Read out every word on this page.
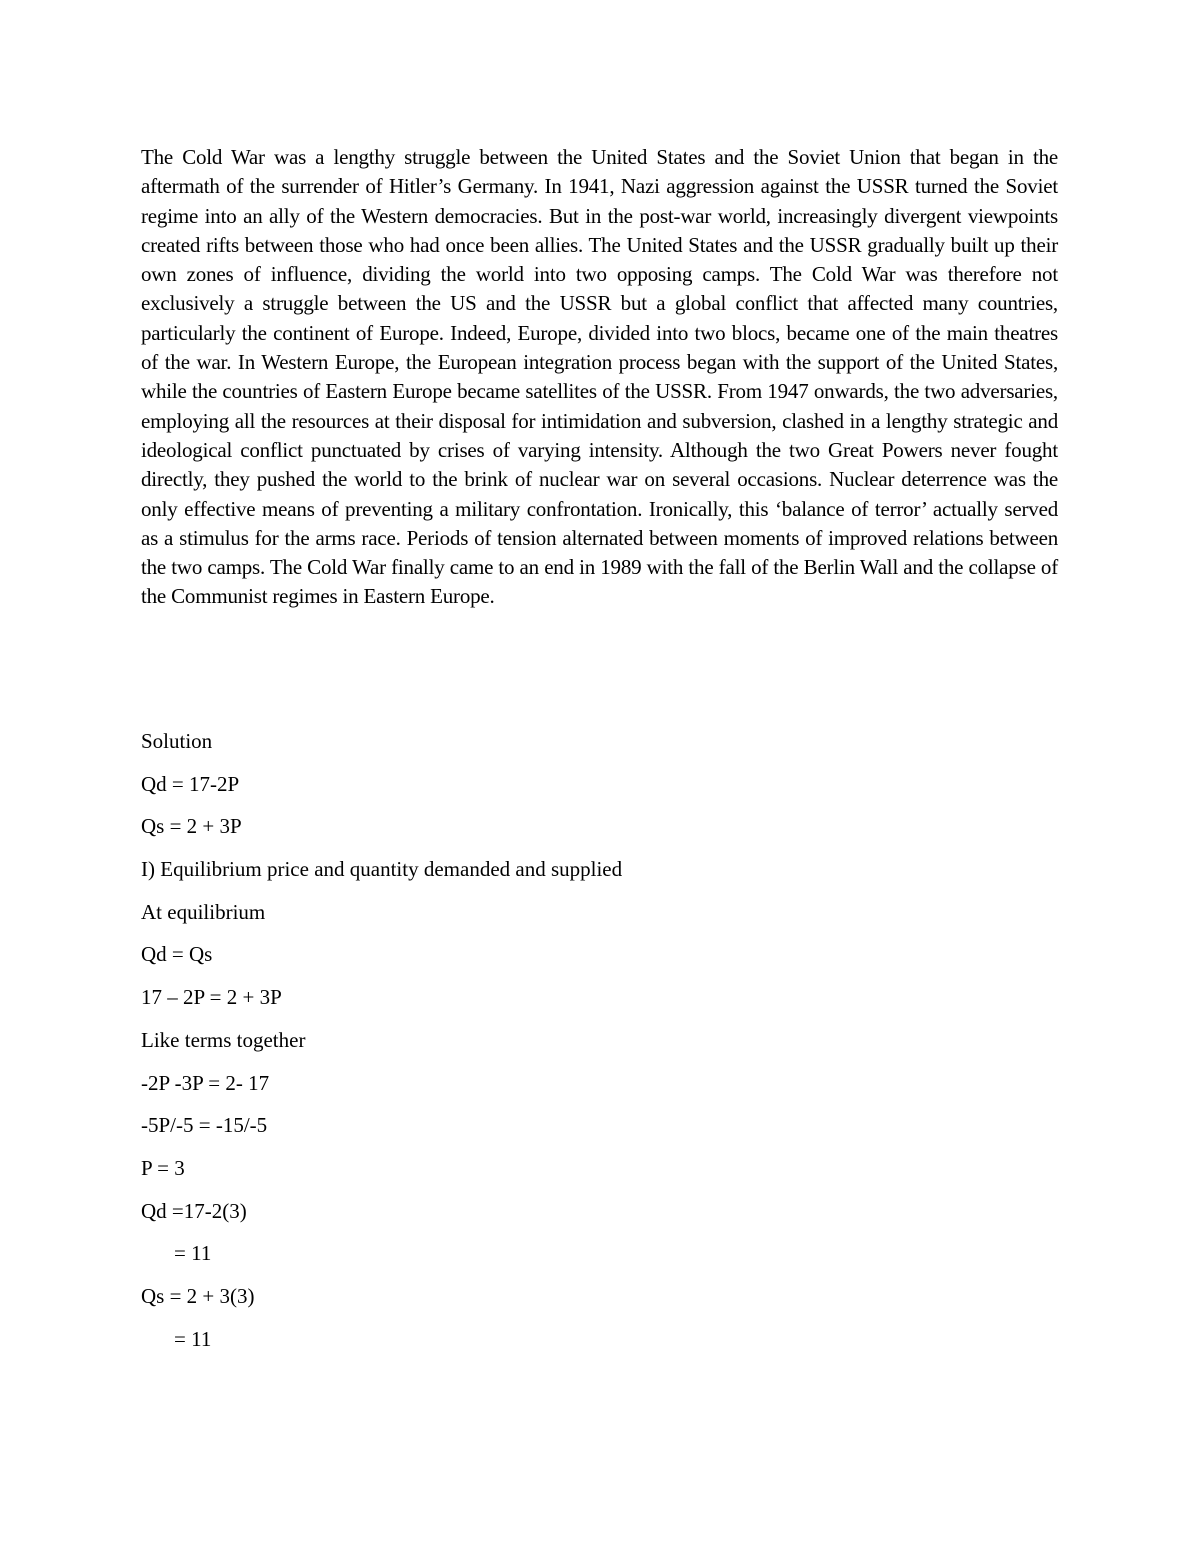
The Cold War was a lengthy struggle between the United States and the Soviet Union that began in the aftermath of the surrender of Hitler’s Germany. In 1941, Nazi aggression against the USSR turned the Soviet regime into an ally of the Western democracies. But in the post-war world, increasingly divergent viewpoints created rifts between those who had once been allies. The United States and the USSR gradually built up their own zones of influence, dividing the world into two opposing camps. The Cold War was therefore not exclusively a struggle between the US and the USSR but a global conflict that affected many countries, particularly the continent of Europe. Indeed, Europe, divided into two blocs, became one of the main theatres of the war. In Western Europe, the European integration process began with the support of the United States, while the countries of Eastern Europe became satellites of the USSR. From 1947 onwards, the two adversaries, employing all the resources at their disposal for intimidation and subversion, clashed in a lengthy strategic and ideological conflict punctuated by crises of varying intensity. Although the two Great Powers never fought directly, they pushed the world to the brink of nuclear war on several occasions. Nuclear deterrence was the only effective means of preventing a military confrontation. Ironically, this ‘balance of terror’ actually served as a stimulus for the arms race. Periods of tension alternated between moments of improved relations between the two camps. The Cold War finally came to an end in 1989 with the fall of the Berlin Wall and the collapse of the Communist regimes in Eastern Europe.

Solution

Qd = 17-2P

Qs = 2 + 3P

I) Equilibrium price and quantity demanded and supplied

At equilibrium

Qd = Qs

17 – 2P = 2 + 3P

Like terms together

-2P -3P = 2- 17

-5P/-5 = -15/-5

P = 3

Qd =17-2(3)

= 11

Qs = 2 + 3(3)

= 11
